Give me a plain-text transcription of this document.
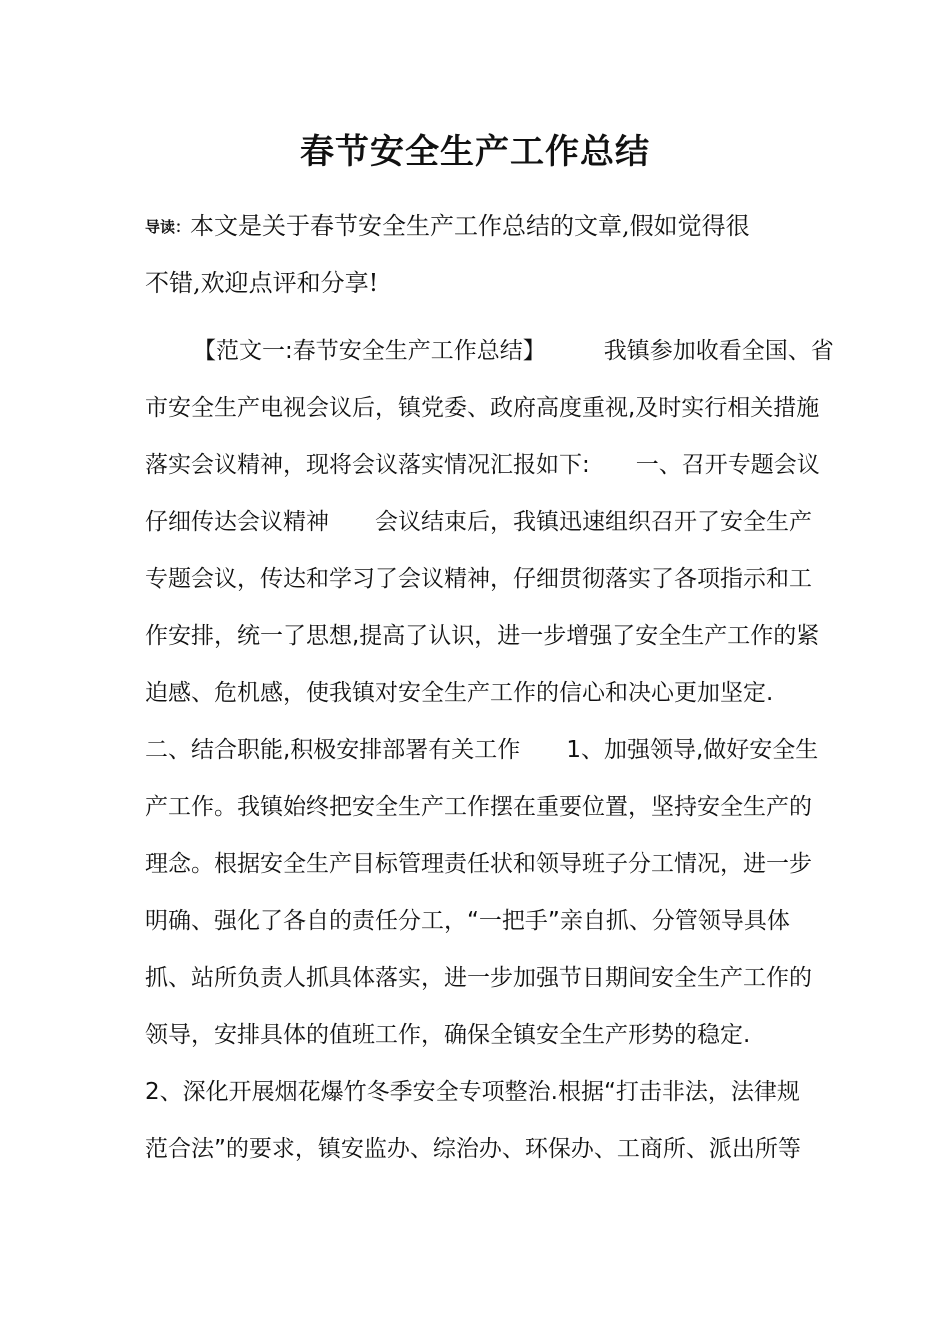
春节安全生产工作总结
导读：本文是关于春节安全生产工作总结的文章,假如觉得很
不错,欢迎点评和分享!
【范文一:春节安全生产工作总结】	我镇参加收看全国、省
市安全生产电视会议后，镇党委、政府高度重视,及时实行相关措施
落实会议精神，现将会议落实情况汇报如下: 一、召开专题会议
仔细传达会议精神 会议结束后，我镇迅速组织召开了安全生产
专题会议，传达和学习了会议精神，仔细贯彻落实了各项指示和工
作安排，统一了思想,提高了认识，进一步增强了安全生产工作的紧
迫感、危机感，使我镇对安全生产工作的信心和决心更加坚定.
二、结合职能,积极安排部署有关工作 1、加强领导,做好安全生
产工作。我镇始终把安全生产工作摆在重要位置，坚持安全生产的
理念。根据安全生产目标管理责任状和领导班子分工情况，进一步
明确、强化了各自的责任分工，“一把手”亲自抓、分管领导具体
抓、站所负责人抓具体落实，进一步加强节日期间安全生产工作的
领导，安排具体的值班工作，确保全镇安全生产形势的稳定.
2、深化开展烟花爆竹冬季安全专项整治.根据“打击非法，法律规
范合法”的要求，镇安监办、综治办、环保办、工商所、派出所等
